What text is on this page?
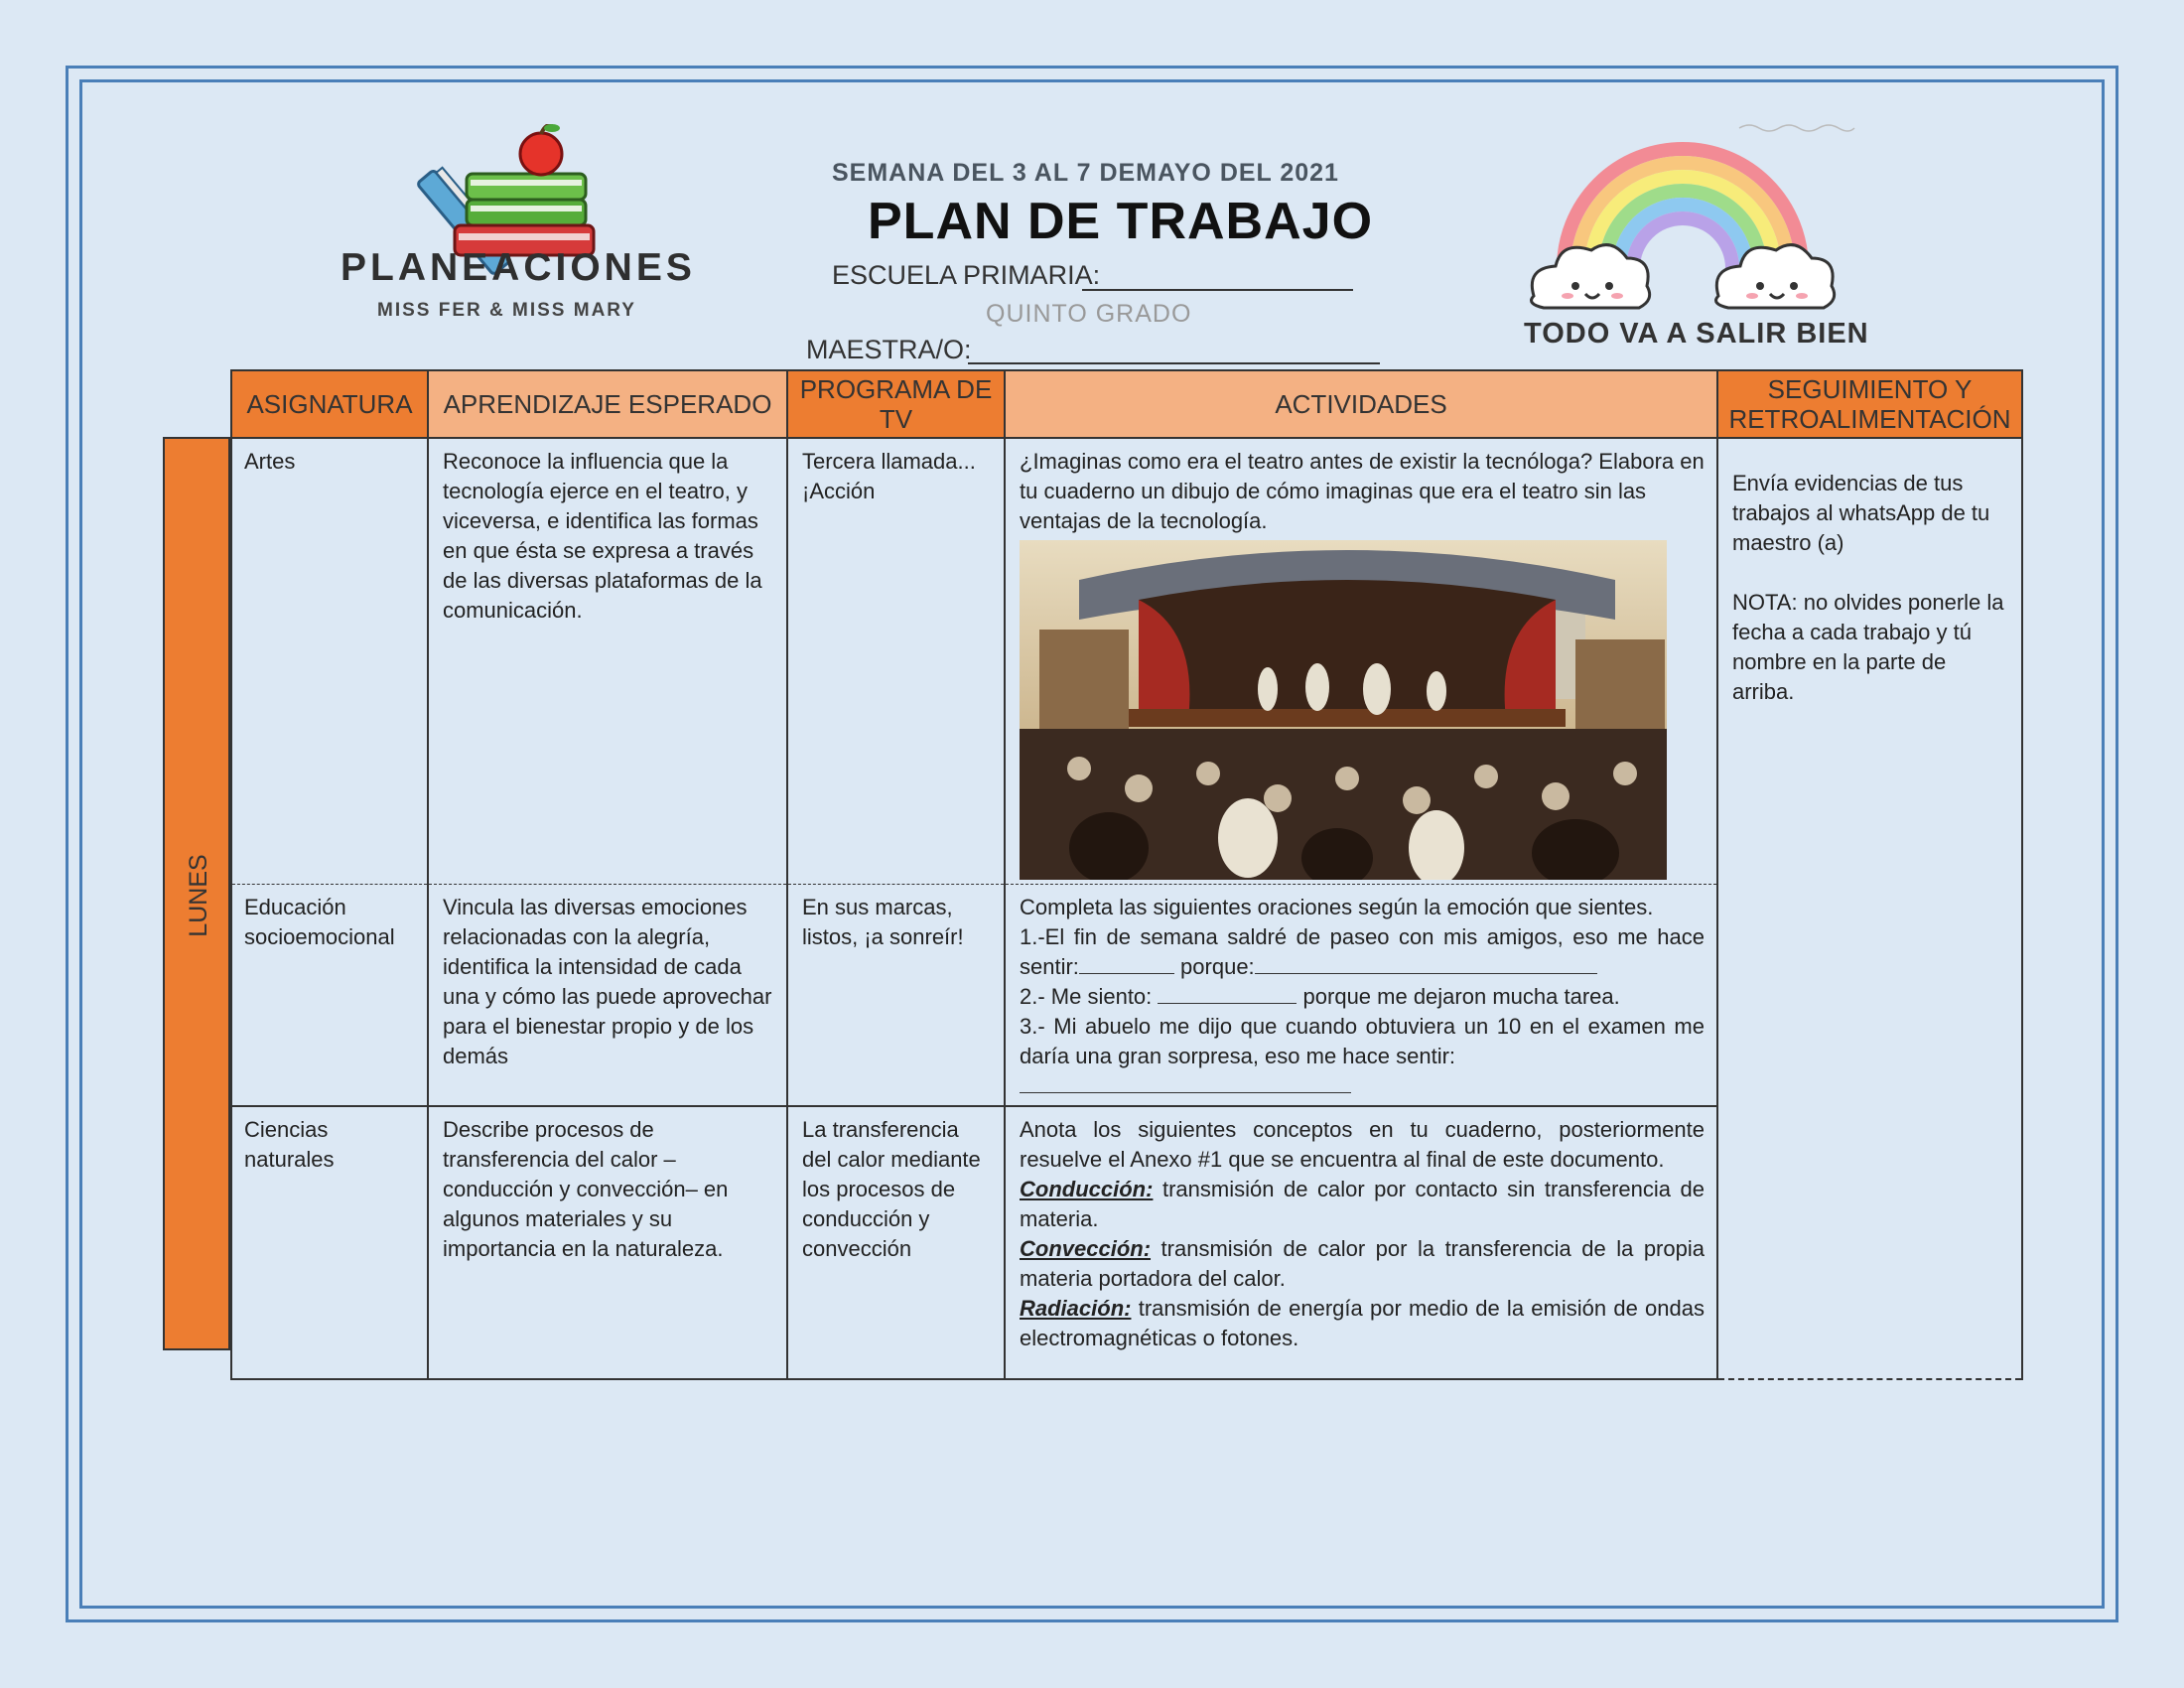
PLANEACIONES
MISS FER & MISS MARY
SEMANA DEL 3 AL 7 DEMAYO DEL 2021
PLAN DE TRABAJO
ESCUELA PRIMARIA:
QUINTO GRADO
MAESTRA/O:	TODO VA A SALIR BIEN
LUNES
ASIGNATURA	APRENDIZAJE ESPERADO	PROGRAMA DE TV	ACTIVIDADES	SEGUIMIENTO Y RETROALIMENTACIÓN
Artes	Reconoce la influencia que la tecnología ejerce en el teatro, y viceversa, e identifica las formas en que ésta se expresa a través de las diversas plataformas de la comunicación.	Tercera llamada... ¡Acción	¿Imaginas como era el teatro antes de existir la tecnóloga? Elabora en tu cuaderno un dibujo de cómo imaginas que era el teatro sin las ventajas de la tecnología.	Envía evidencias de tus trabajos al whatsApp de tu maestro (a)
NOTA: no olvides ponerle la fecha a cada trabajo y tú nombre en la parte de arriba.

Educación socioemocional	Vincula las diversas emociones relacionadas con la alegría, identifica la intensidad de cada una y cómo las puede aprovechar para el bienestar propio y de los demás	En sus marcas, listos, ¡a sonreír!	Completa las siguientes oraciones según la emoción que sientes.
1.-El fin de semana saldré de paseo con mis amigos, eso me hace sentir: porque:
2.- Me siento: porque me dejaron mucha tarea.
3.- Mi abuelo me dijo que cuando obtuviera un 10 en el examen me daría una gran sorpresa, eso me hace sentir:	

Ciencias naturales	Describe procesos de transferencia del calor –conducción y convección– en algunos materiales y su importancia en la naturaleza.	La transferencia del calor mediante los procesos de conducción y convección	Anota los siguientes conceptos en tu cuaderno, posteriormente resuelve el Anexo #1 que se encuentra al final de este documento.
Conducción: transmisión de calor por contacto sin transferencia de materia.
Convección: transmisión de calor por la transferencia de la propia materia portadora del calor.
Radiación: transmisión de energía por medio de la emisión de ondas electromagnéticas o fotones.	
